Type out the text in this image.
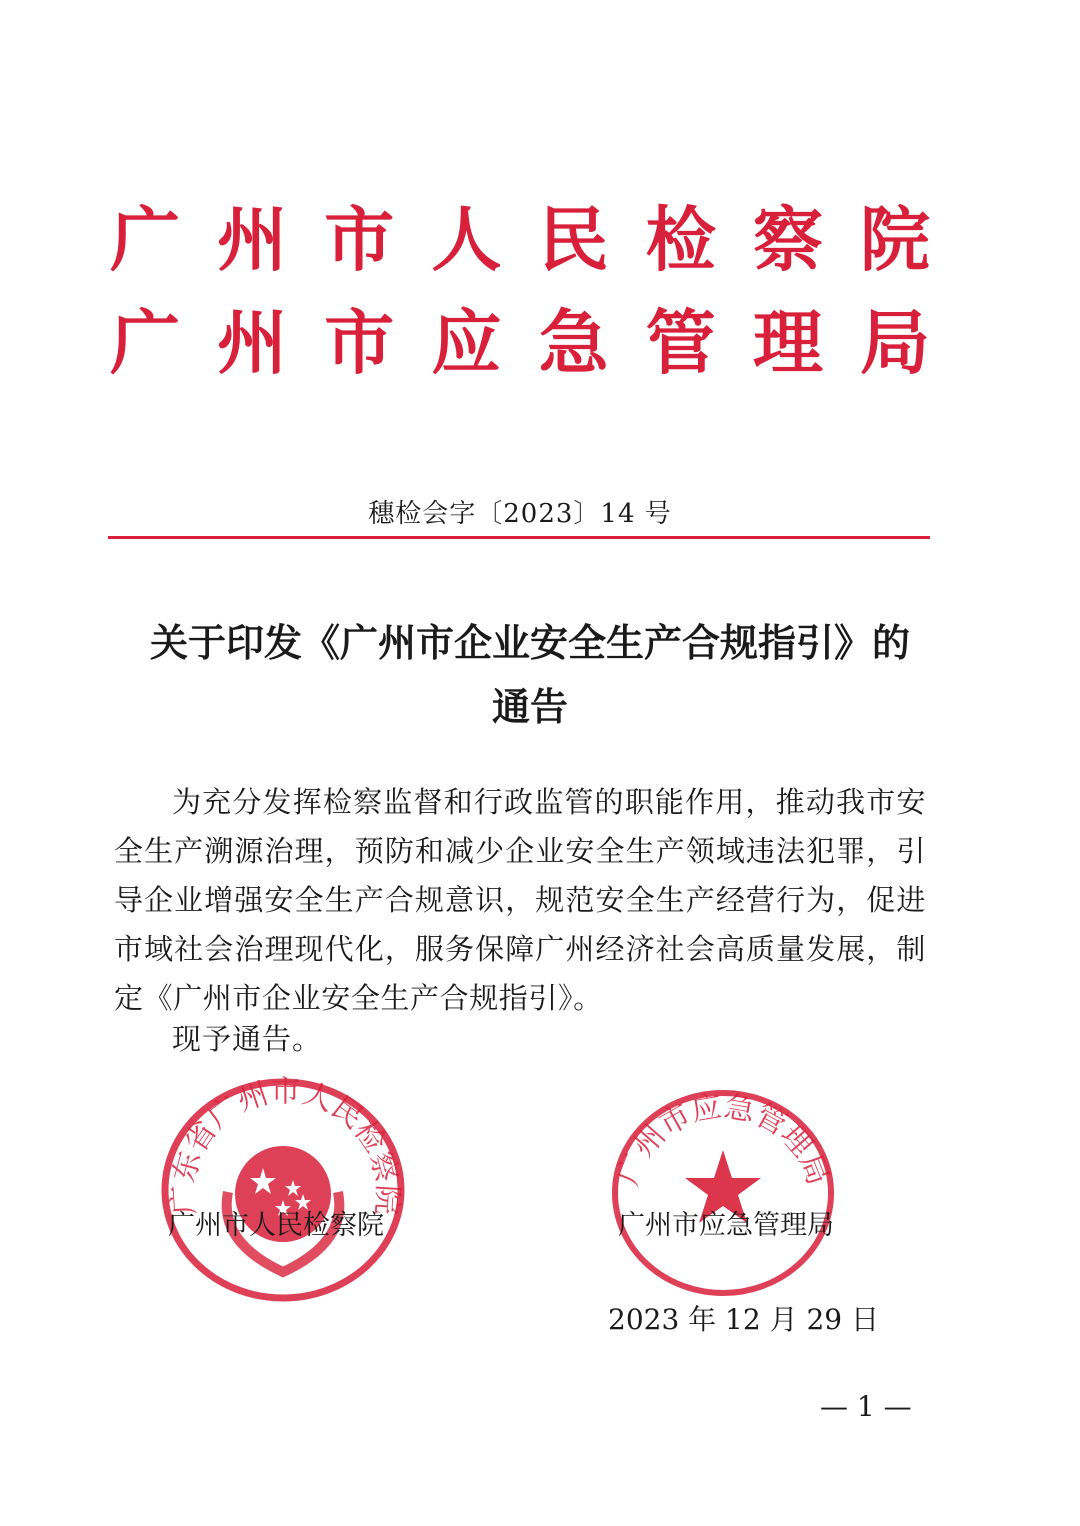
广 州 市 人 民 检 察 院
广 州 市 应 急 管 理 局
穗检会字〔2023〕14 号
关于印发《广州市企业安全生产合规指引》的
通告
为充分发挥检察监督和行政监管的职能作用，推动我市安全生产溯源治理，预防和减少企业安全生产领域违法犯罪，引导企业增强安全生产合规意识，规范安全生产经营行为，促进市域社会治理现代化，服务保障广州经济社会高质量发展，制定《广州市企业安全生产合规指引》。
现予通告。
广东省广州市人民检察院
广州市应急管理局
广州市人民检察院	广州市应急管理局
2023 年 12 月 29 日
— 1 —
